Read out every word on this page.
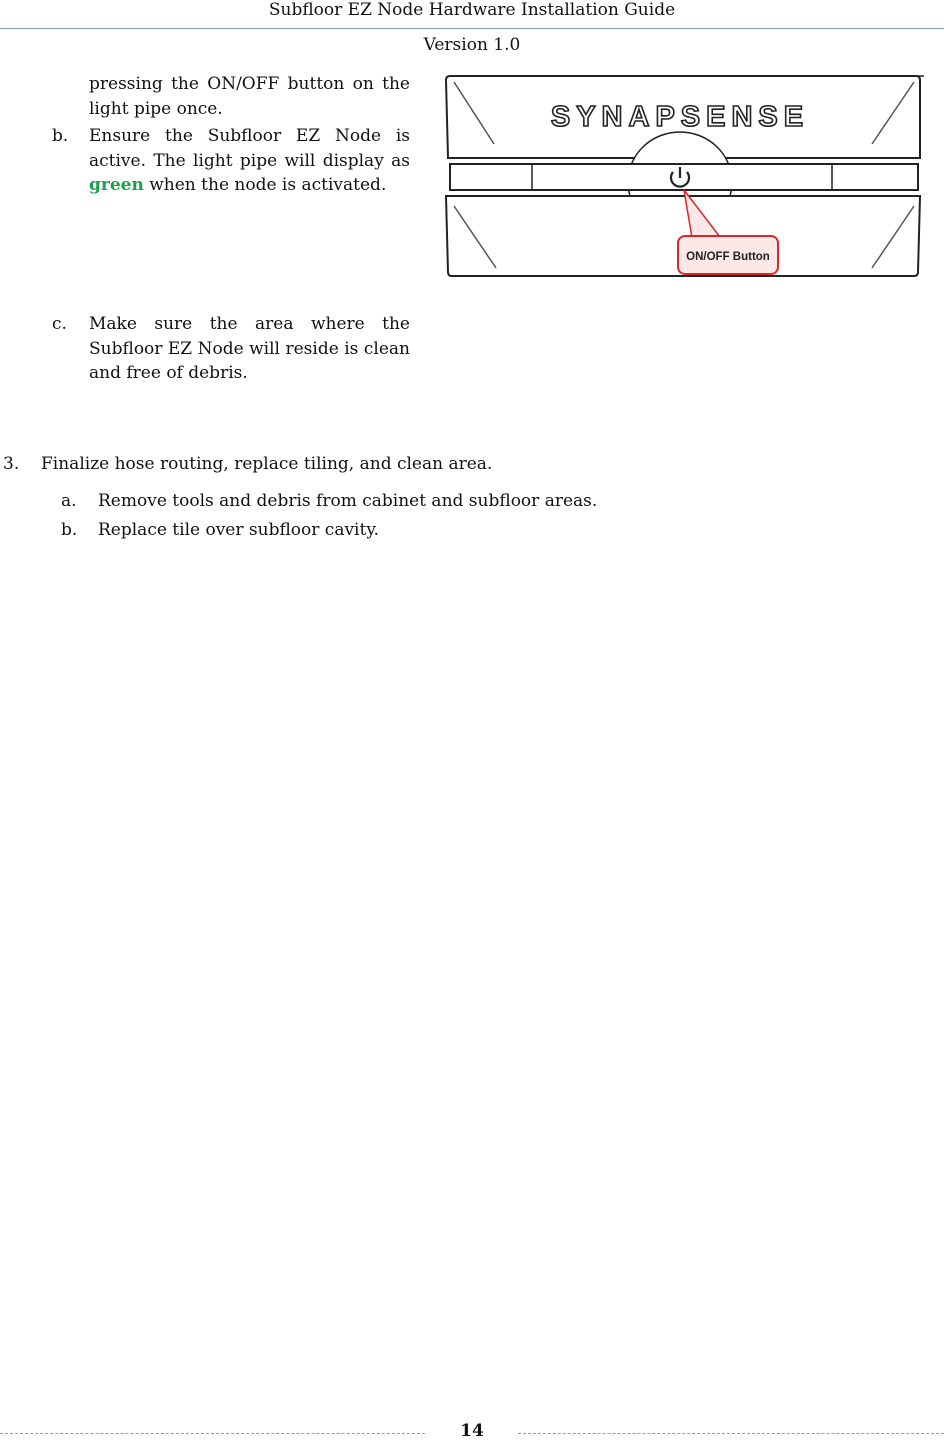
Subfloor EZ Node Hardware Installation Guide
Version 1.0
pressing the ON/OFF button on the light pipe once.
b. Ensure the Subfloor EZ Node is active. The light pipe will display as green when the node is activated.
c. Make sure the area where the Subfloor EZ Node will reside is clean and free of debris.
SYNAPSENSE
ON/OFF Button
3. Finalize hose routing, replace tiling, and clean area.
a. Remove tools and debris from cabinet and subfloor areas.
b. Replace tile over subfloor cavity.
14
